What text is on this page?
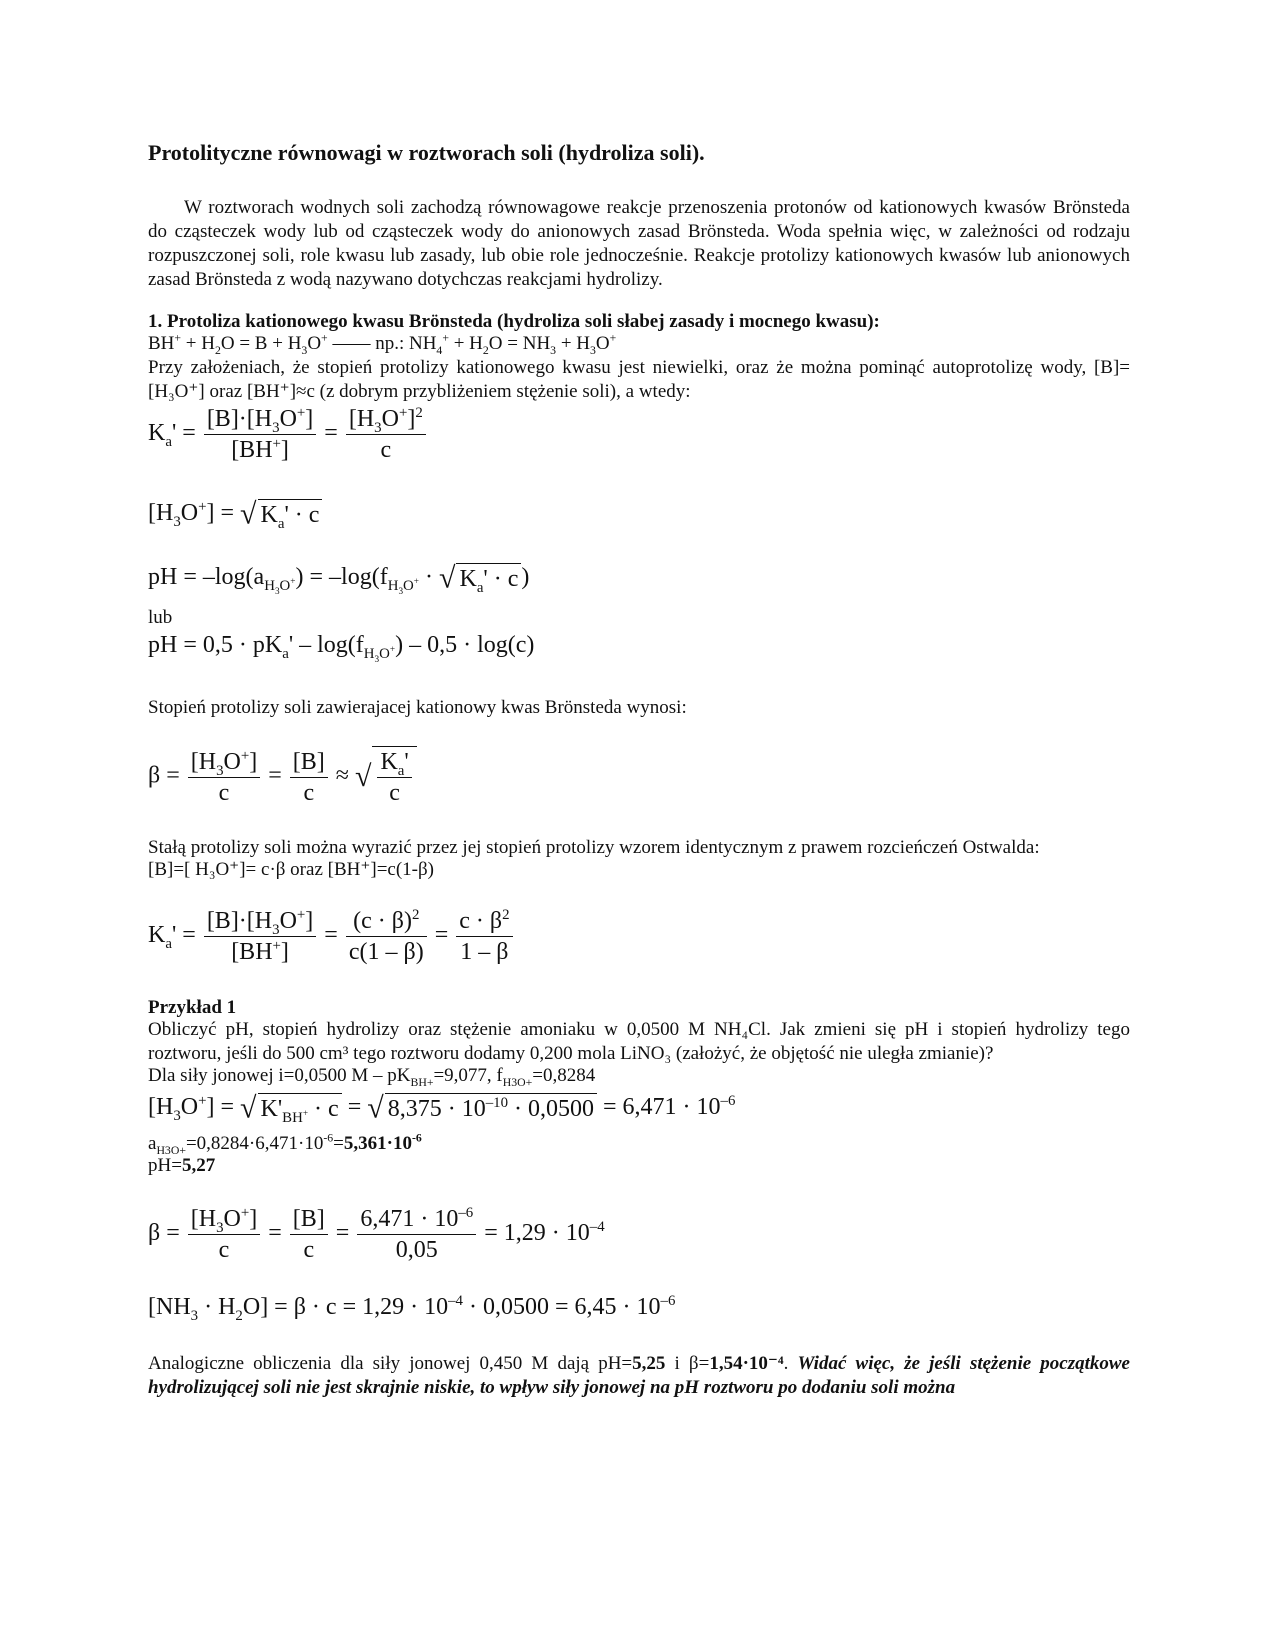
Protolityczne równowagi w roztworach soli (hydroliza soli).
W roztworach wodnych soli zachodzą równowagowe reakcje przenoszenia protonów od kationowych kwasów Brönsteda do cząsteczek wody lub od cząsteczek wody do anionowych zasad Brönsteda. Woda spełnia więc, w zależności od rodzaju rozpuszczonej soli, role kwasu lub zasady, lub obie role jednocześnie. Reakcje protolizy kationowych kwasów lub anionowych zasad Brönsteda z wodą nazywano dotychczas reakcjami hydrolizy.
1. Protoliza kationowego kwasu Brönsteda (hydroliza soli słabej zasady i mocnego kwasu):
$BH^+ + H_2O = B + H_3O^+$ —— np.: $NH_4^+ + H_2O = NH_3 + H_3O^+$
Przy założeniach, że stopień protolizy kationowego kwasu jest niewielki, oraz że można pominąć autoprotolizę wody, [B]=[H₃O⁺] oraz [BH⁺]≈c (z dobrym przybliżeniem stężenie soli), a wtedy:
$K_a' = \frac{[B]\cdot[H_3O^+]}{[BH^+]} = \frac{[H_3O^+]^2}{c}$
$[H_3O^+]$ = √ $K_a' \cdot c$
pH = $-\log(a_{H_3O^+}) = -\log(f_{H_3O^+}$ · √ $K_a' \cdot c$ )
lub
pH = $0,5 \cdot pK_a' - \log(f_{H_3O^+}) - 0,5 \cdot \log(c)$
Stopień protolizy soli zawierajacej kationowy kwas Brönsteda wynosi:
$\beta = \frac{[H_3O^+]}{c} = \frac{[B]}{c}$ ≈ √ $\frac{K_a'}{c}$
Stałą protolizy soli można wyrazić przez jej stopień protolizy wzorem identycznym z prawem rozcieńczeń Ostwalda:
[B]=[ H₃O⁺]= c·β oraz [BH⁺]=c(1-β)
$K_a' = \frac{[B]\cdot[H_3O^+]}{[BH^+]} = \frac{(c \cdot \beta)^2}{c(1 - \beta)} = \frac{c \cdot \beta^2}{1 - \beta}$
Przykład 1
Obliczyć pH, stopień hydrolizy oraz stężenie amoniaku w 0,0500 M NH₄Cl. Jak zmieni się pH i stopień hydrolizy tego roztworu, jeśli do 500 cm³ tego roztworu dodamy 0,200 mola LiNO₃ (założyć, że objętość nie uległa zmianie)?
Dla siły jonowej i=0,0500 $M - pK_{BH+}=9,077$, $f_{H3O+}=0,8284$
$[H_3O^+]$ = √ $K'_{BH^+} \cdot c$ = √ $8,375 \cdot 10^{-10} \cdot 0,0500 = 6,471 \cdot 10^{-6}$
$a_{H3O+}=0,8284\cdot 6,471\cdot 10^{-6}=5,361\cdot 10^{-6}$
pH=5,27
$\beta = \frac{[H_3O^+]}{c} = \frac{[B]}{c} = \frac{6,471 \cdot 10^{-6}}{0,05} = 1,29 \cdot 10^{-4}$
$[NH_3 \cdot H_2O] = \beta \cdot c = 1,29 \cdot 10^{-4} \cdot 0,0500 = 6,45 \cdot 10^{-6}$
Analogiczne obliczenia dla siły jonowej 0,450 M dają pH=5,25 i β=1,54·10⁻⁴. Widać więc, że jeśli stężenie początkowe hydrolizującej soli nie jest skrajnie niskie, to wpływ siły jonowej na pH roztworu po dodaniu soli można
